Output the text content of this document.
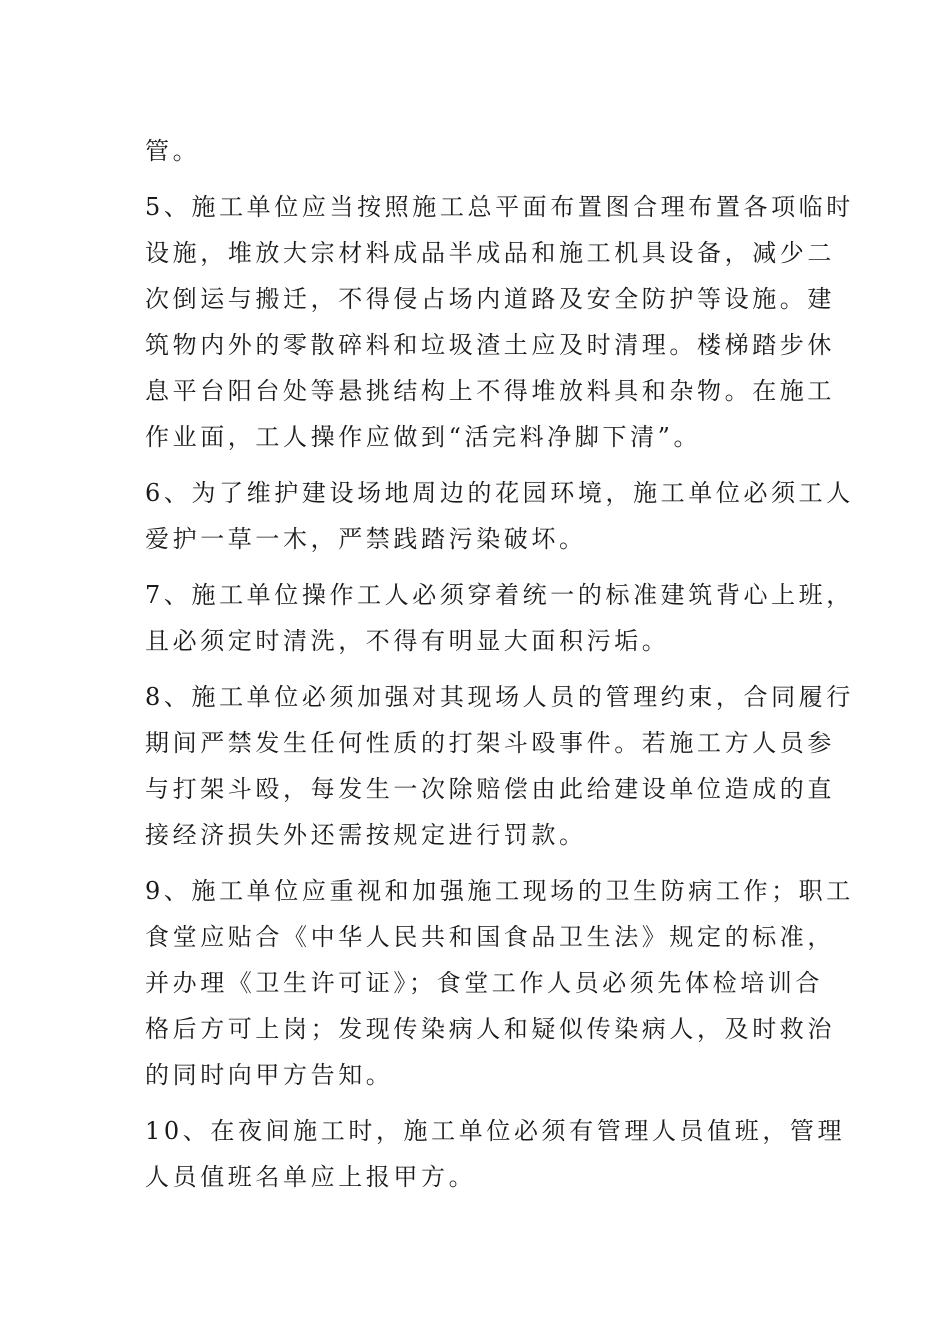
管。
5、施工单位应当按照施工总平面布置图合理布置各项临时
设施，堆放大宗材料成品半成品和施工机具设备，减少二
次倒运与搬迁，不得侵占场内道路及安全防护等设施。建
筑物内外的零散碎料和垃圾渣土应及时清理。楼梯踏步休
息平台阳台处等悬挑结构上不得堆放料具和杂物。在施工
作业面，工人操作应做到“活完料净脚下清”。
6、为了维护建设场地周边的花园环境，施工单位必须工人
爱护一草一木，严禁践踏污染破坏。
7、施工单位操作工人必须穿着统一的标准建筑背心上班，
且必须定时清洗，不得有明显大面积污垢。
8、施工单位必须加强对其现场人员的管理约束，合同履行
期间严禁发生任何性质的打架斗殴事件。若施工方人员参
与打架斗殴，每发生一次除赔偿由此给建设单位造成的直
接经济损失外还需按规定进行罚款。
9、施工单位应重视和加强施工现场的卫生防病工作；职工
食堂应贴合《中华人民共和国食品卫生法》规定的标准，
并办理《卫生许可证》；食堂工作人员必须先体检培训合
格后方可上岗；发现传染病人和疑似传染病人，及时救治
的同时向甲方告知。
10、在夜间施工时，施工单位必须有管理人员值班，管理
人员值班名单应上报甲方。
